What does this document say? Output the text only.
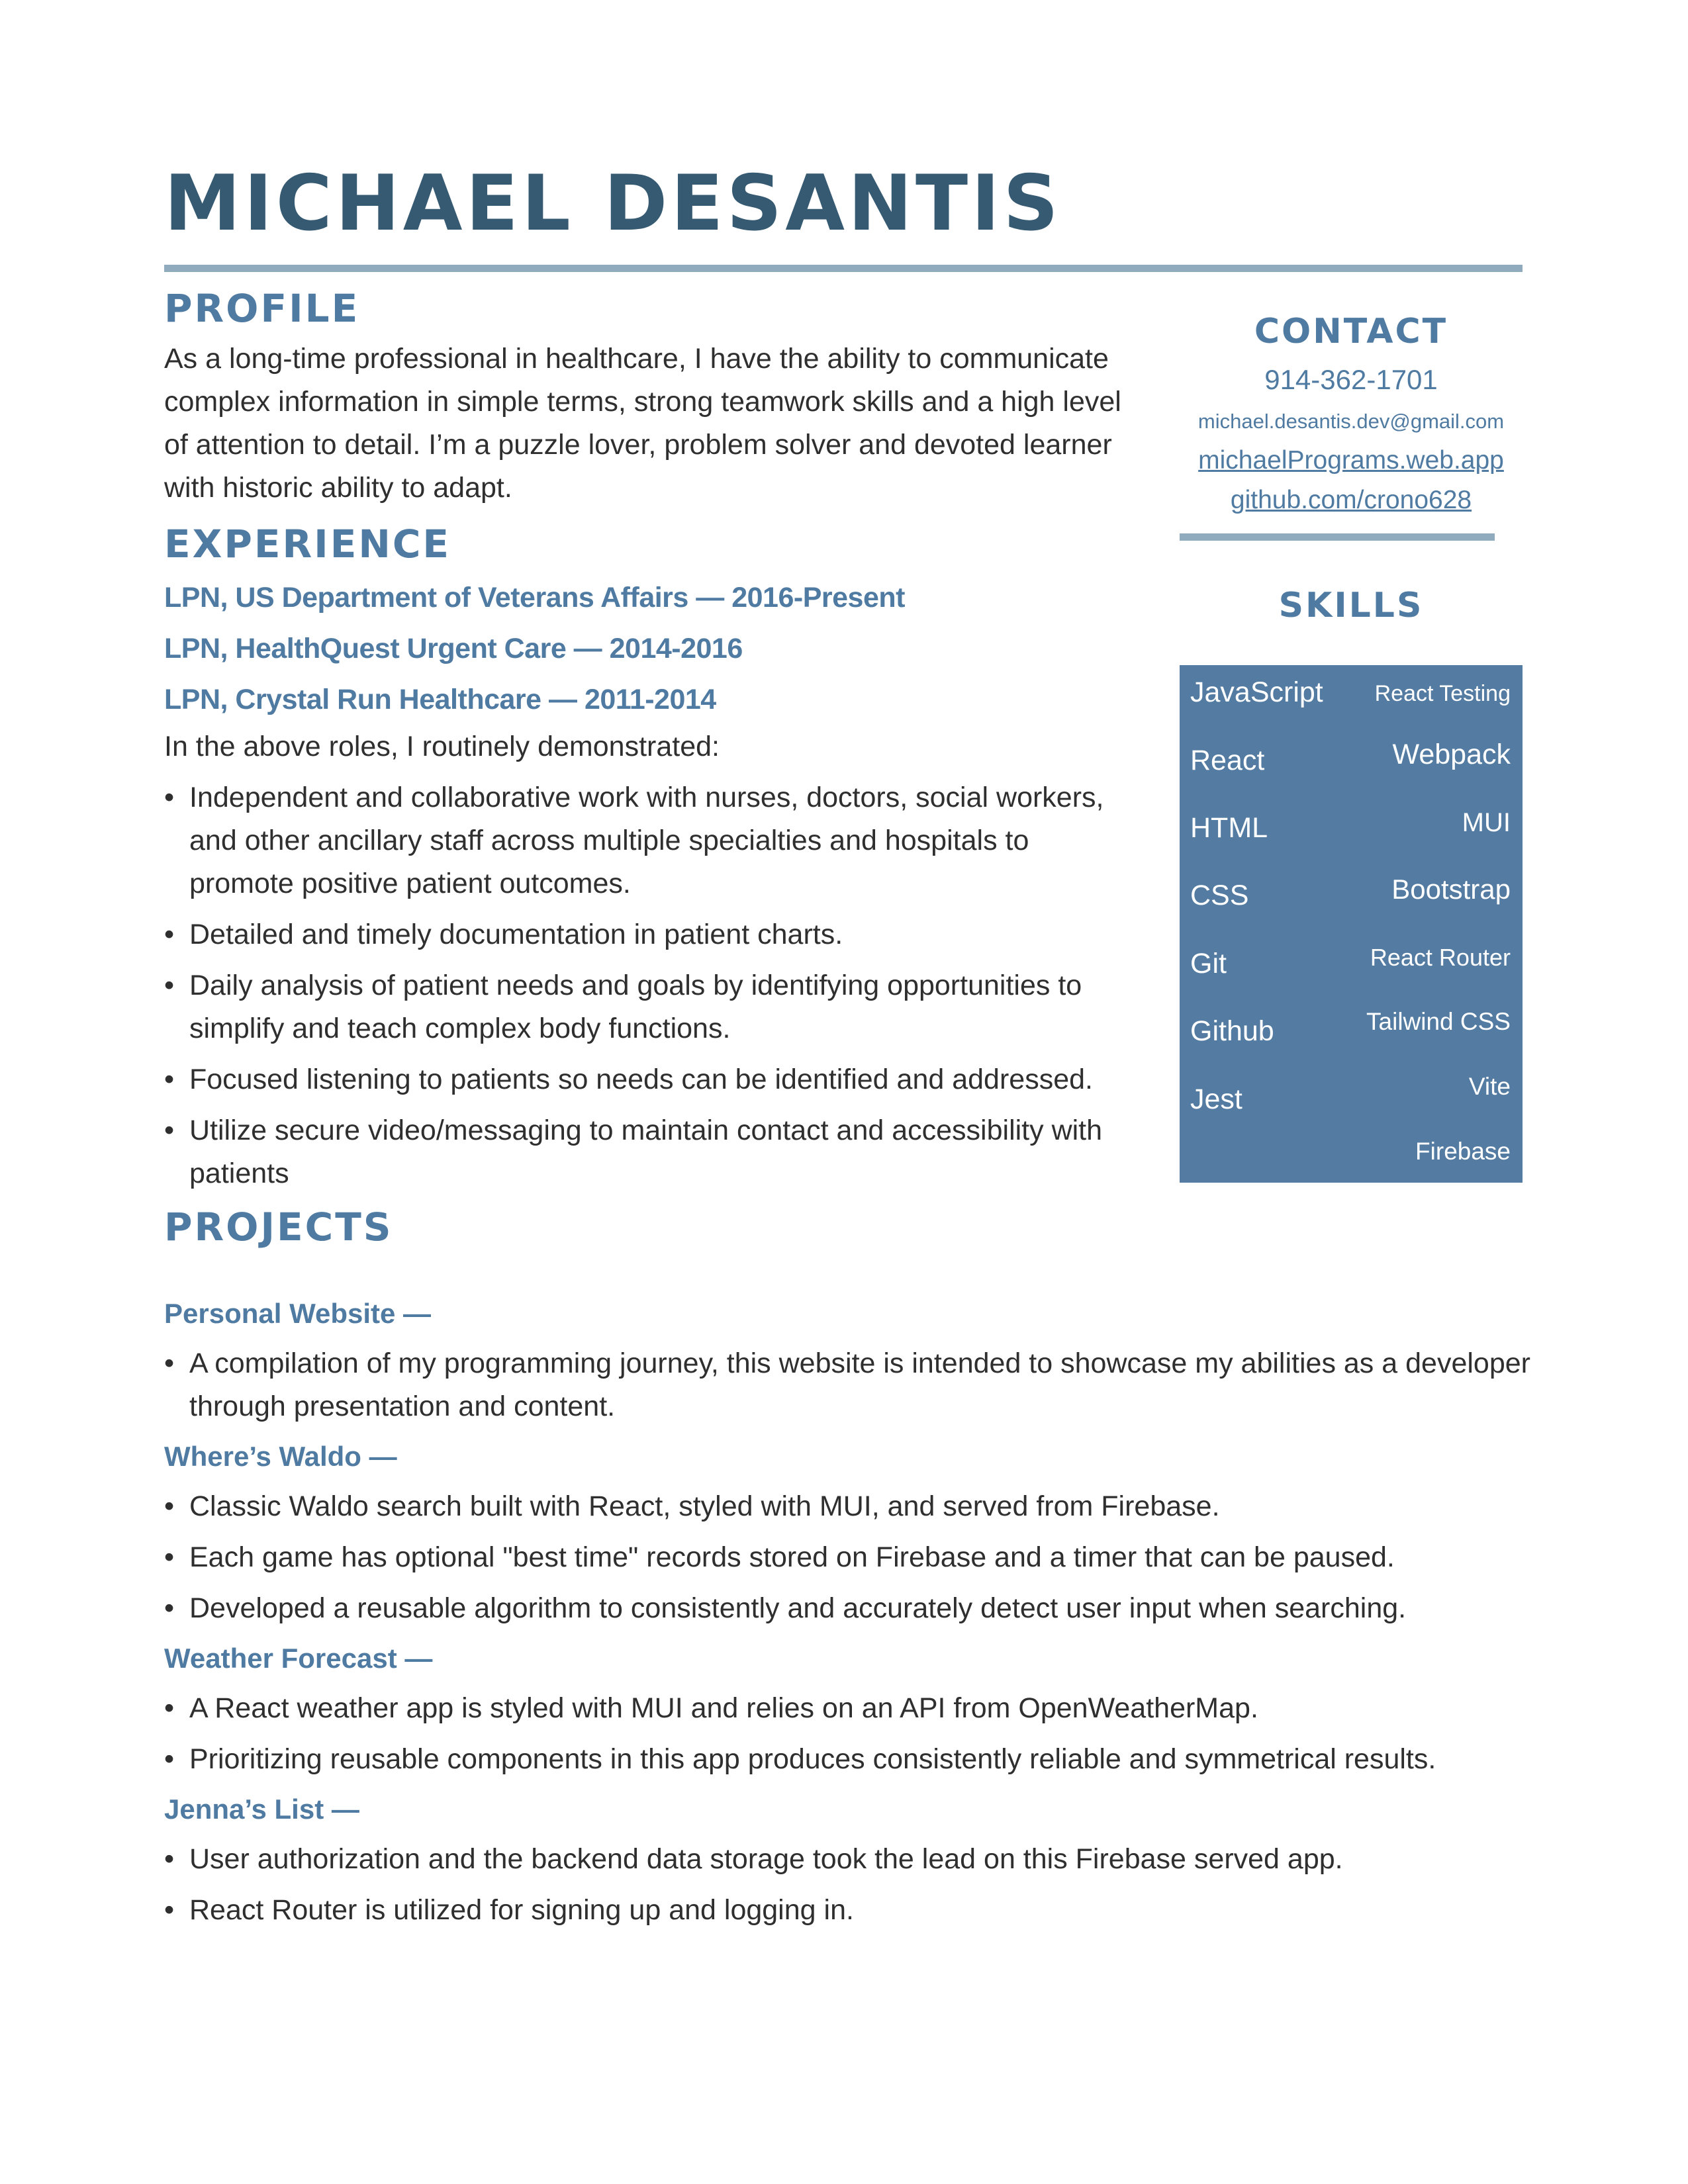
MICHAEL DESANTIS
PROFILE

As a long-time professional in healthcare, I have the ability to communicate complex information in simple terms, strong teamwork skills and a high level of attention to detail. I’m a puzzle lover, problem solver and devoted learner with historic ability to adapt.

EXPERIENCE

LPN, US Department of Veterans Affairs — 2016-Present

LPN, HealthQuest Urgent Care — 2014-2016

LPN, Crystal Run Healthcare — 2011-2014

In the above roles, I routinely demonstrated:

• Independent and collaborative work with nurses, doctors, social workers, and other ancillary staff across multiple specialties and hospitals to promote positive patient outcomes.
• Detailed and timely documentation in patient charts.
• Daily analysis of patient needs and goals by identifying opportunities to simplify and teach complex body functions.
• Focused listening to patients so needs can be identified and addressed.
• Utilize secure video/messaging to maintain contact and accessibility with patients
PROJECTS

Personal Website —

• A compilation of my programming journey, this website is intended to showcase my abilities as a developer through presentation and content.

Where’s Waldo —

• Classic Waldo search built with React, styled with MUI, and served from Firebase.
• Each game has optional "best time" records stored on Firebase and a timer that can be paused.
• Developed a reusable algorithm to consistently and accurately detect user input when searching.

Weather Forecast —

• A React weather app is styled with MUI and relies on an API from OpenWeatherMap.
• Prioritizing reusable components in this app produces consistently reliable and symmetrical results.

Jenna’s List —

• User authorization and the backend data storage took the lead on this Firebase served app.
• React Router is utilized for signing up and logging in.
CONTACT

914-362-1701

michael.desantis.dev@gmail.com

michaelPrograms.web.app
github.com/crono628
SKILLS
JavaScript
React
HTML
CSS
Git
Github
Jest
React Testing
Webpack
MUI
Bootstrap
React Router
Tailwind CSS
Vite
Firebase
